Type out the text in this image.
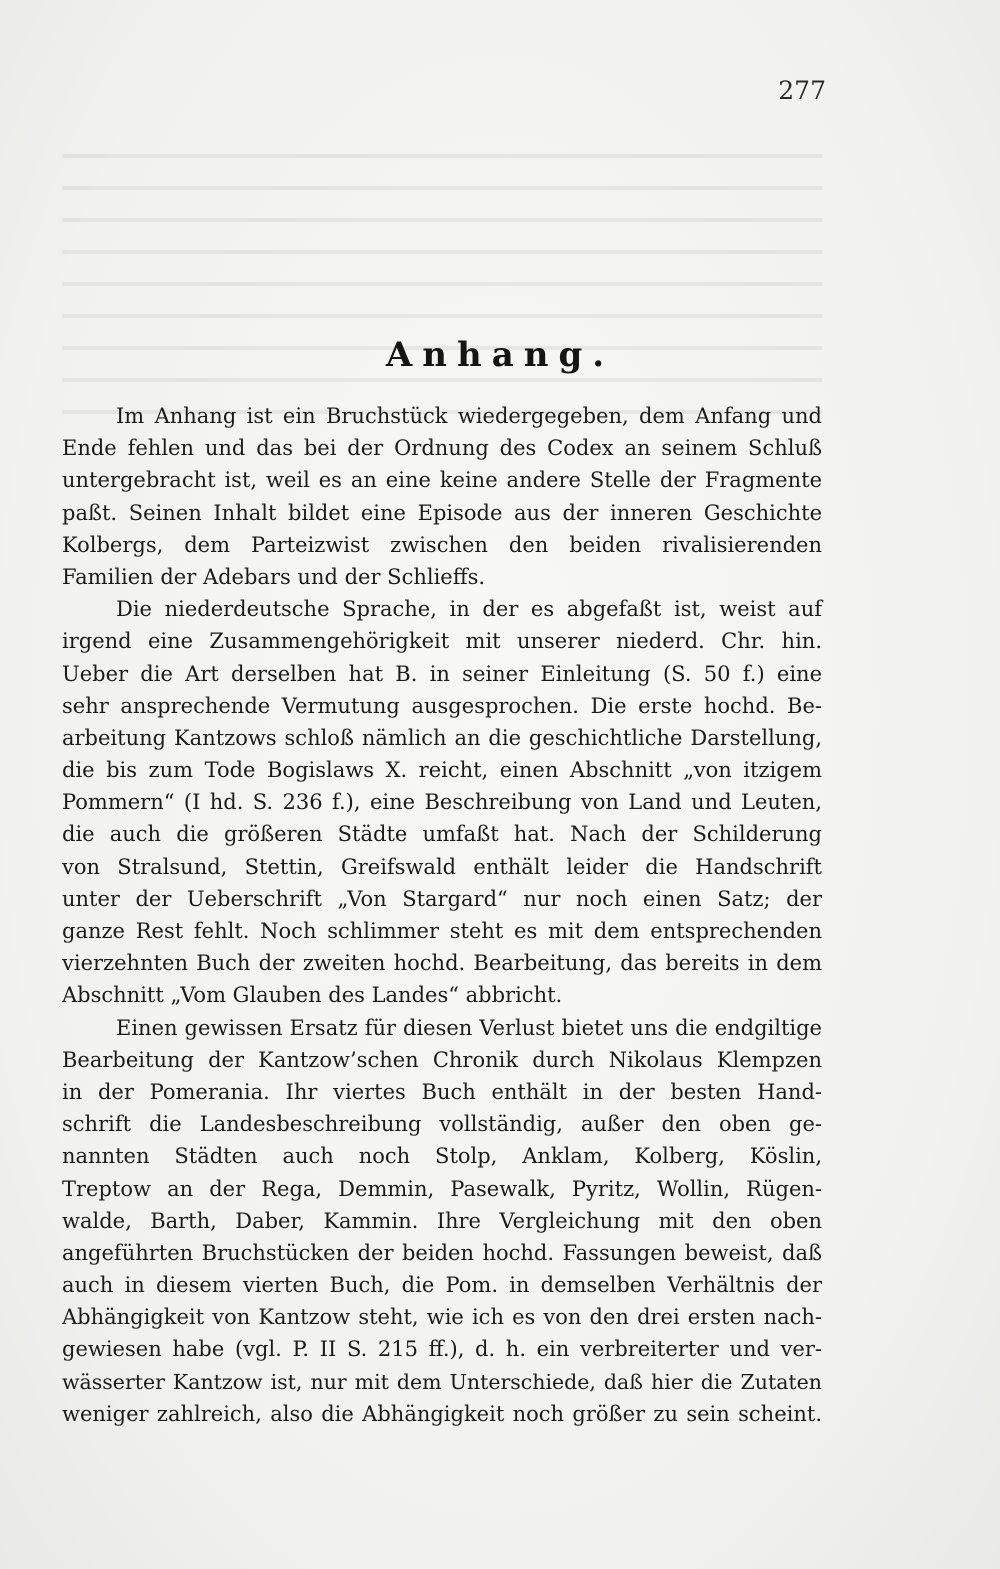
277
Anhang.
Im Anhang ist ein Bruchstück wiedergegeben, dem Anfang und
Ende fehlen und das bei der Ordnung des Codex an seinem Schluß
untergebracht ist, weil es an eine keine andere Stelle der Fragmente
paßt. Seinen Inhalt bildet eine Episode aus der inneren Geschichte
Kolbergs, dem Parteizwist zwischen den beiden rivalisierenden
Familien der Adebars und der Schlieffs.
Die niederdeutsche Sprache, in der es abgefaßt ist, weist auf
irgend eine Zusammengehörigkeit mit unserer niederd. Chr. hin.
Ueber die Art derselben hat B. in seiner Einleitung (S. 50 f.) eine
sehr ansprechende Vermutung ausgesprochen. Die erste hochd. Be-
arbeitung Kantzows schloß nämlich an die geschichtliche Darstellung,
die bis zum Tode Bogislaws X. reicht, einen Abschnitt „von itzigem
Pommern“ (I hd. S. 236 f.), eine Beschreibung von Land und Leuten,
die auch die größeren Städte umfaßt hat. Nach der Schilderung
von Stralsund, Stettin, Greifswald enthält leider die Handschrift
unter der Ueberschrift „Von Stargard“ nur noch einen Satz; der
ganze Rest fehlt. Noch schlimmer steht es mit dem entsprechenden
vierzehnten Buch der zweiten hochd. Bearbeitung, das bereits in dem
Abschnitt „Vom Glauben des Landes“ abbricht.
Einen gewissen Ersatz für diesen Verlust bietet uns die endgiltige
Bearbeitung der Kantzow’schen Chronik durch Nikolaus Klempzen
in der Pomerania. Ihr viertes Buch enthält in der besten Hand-
schrift die Landesbeschreibung vollständig, außer den oben ge-
nannten Städten auch noch Stolp, Anklam, Kolberg, Köslin,
Treptow an der Rega, Demmin, Pasewalk, Pyritz, Wollin, Rügen-
walde, Barth, Daber, Kammin. Ihre Vergleichung mit den oben
angeführten Bruchstücken der beiden hochd. Fassungen beweist, daß
auch in diesem vierten Buch, die Pom. in demselben Verhältnis der
Abhängigkeit von Kantzow steht, wie ich es von den drei ersten nach-
gewiesen habe (vgl. P. II S. 215 ff.), d. h. ein verbreiterter und ver-
wässerter Kantzow ist, nur mit dem Unterschiede, daß hier die Zutaten
weniger zahlreich, also die Abhängigkeit noch größer zu sein scheint.
